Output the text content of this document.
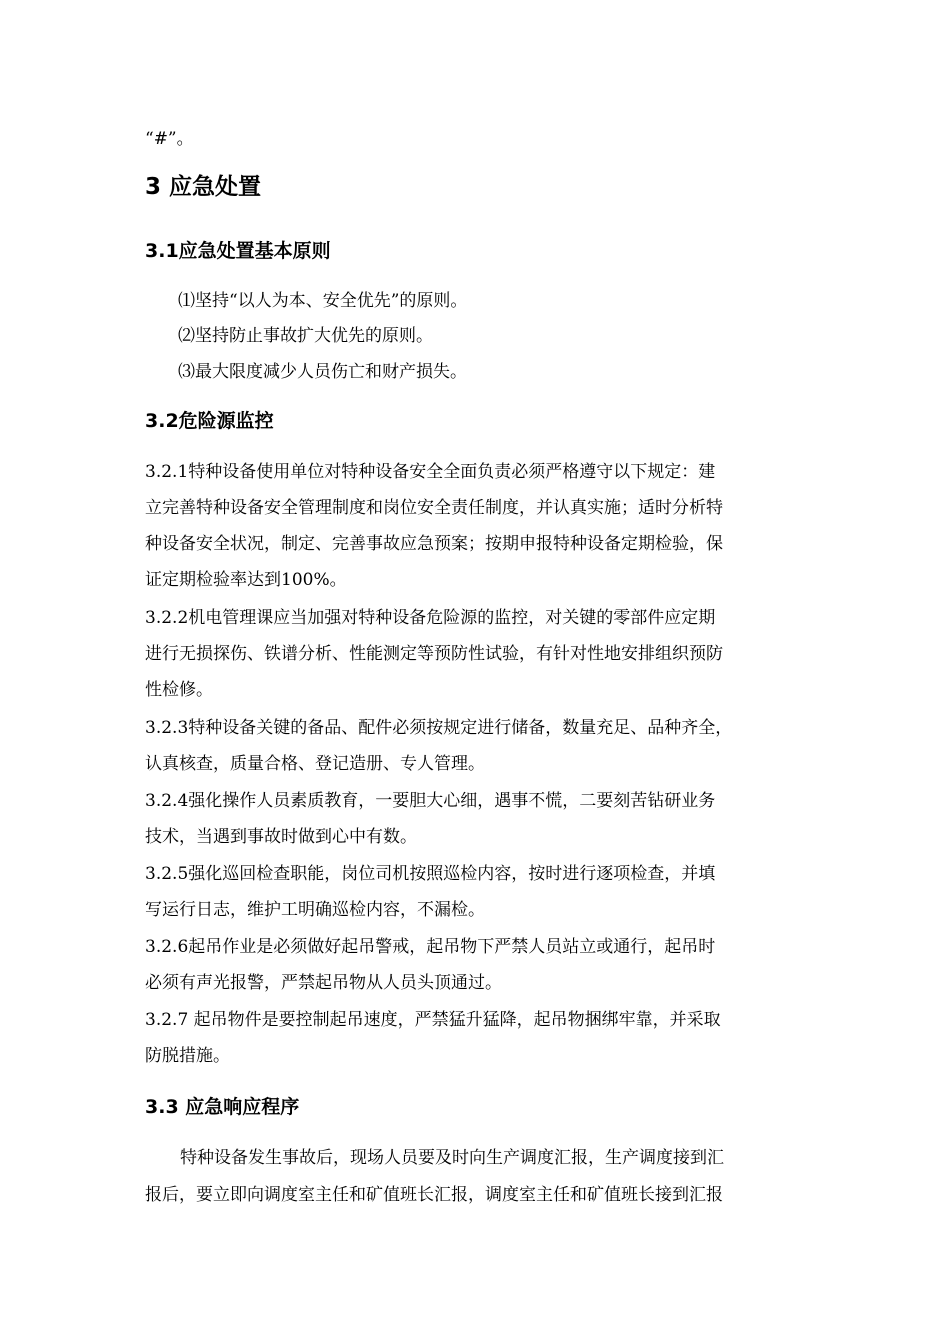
“#”。
3 应急处置
3.1应急处置基本原则
⑴坚持“以人为本、安全优先”的原则。
⑵坚持防止事故扩大优先的原则。
⑶最大限度减少人员伤亡和财产损失。
3.2危险源监控
3.2.1特种设备使用单位对特种设备安全全面负责必须严格遵守以下规定：建
立完善特种设备安全管理制度和岗位安全责任制度，并认真实施；适时分析特
种设备安全状况，制定、完善事故应急预案；按期申报特种设备定期检验，保
证定期检验率达到100%。
3.2.2机电管理课应当加强对特种设备危险源的监控，对关键的零部件应定期
进行无损探伤、铁谱分析、性能测定等预防性试验，有针对性地安排组织预防
性检修。
3.2.3特种设备关键的备品、配件必须按规定进行储备，数量充足、品种齐全，
认真核查，质量合格、登记造册、专人管理。
3.2.4强化操作人员素质教育，一要胆大心细，遇事不慌，二要刻苦钻研业务
技术，当遇到事故时做到心中有数。
3.2.5强化巡回检查职能，岗位司机按照巡检内容，按时进行逐项检查，并填
写运行日志，维护工明确巡检内容，不漏检。
3.2.6起吊作业是必须做好起吊警戒，起吊物下严禁人员站立或通行，起吊时
必须有声光报警，严禁起吊物从人员头顶通过。
3.2.7 起吊物件是要控制起吊速度，严禁猛升猛降，起吊物捆绑牢靠，并采取
防脱措施。
3.3 应急响应程序
特种设备发生事故后，现场人员要及时向生产调度汇报，生产调度接到汇
报后，要立即向调度室主任和矿值班长汇报，调度室主任和矿值班长接到汇报
